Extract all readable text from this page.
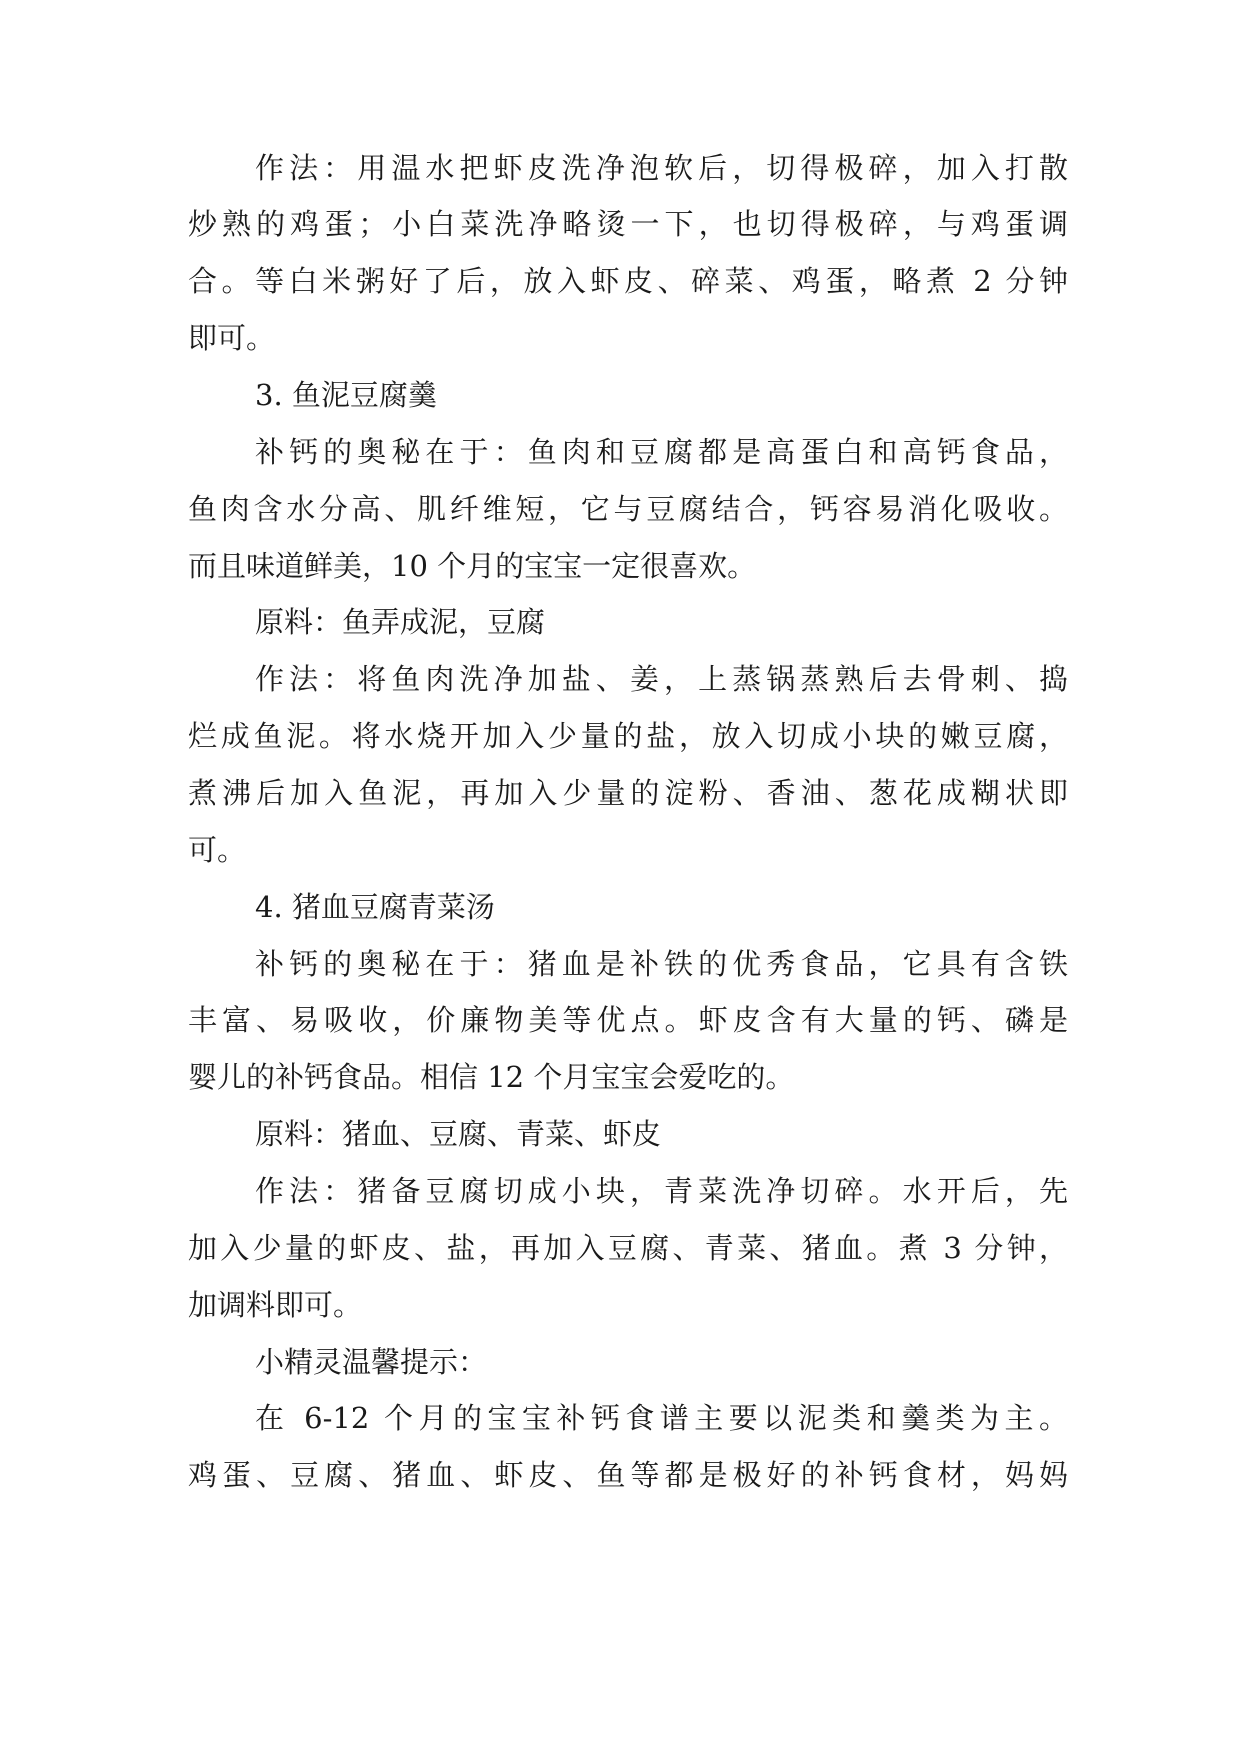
作法：用温水把虾皮洗净泡软后，切得极碎，加入打散
炒熟的鸡蛋；小白菜洗净略烫一下，也切得极碎，与鸡蛋调
合。等白米粥好了后，放入虾皮、碎菜、鸡蛋，略煮 2 分钟
即可。
3. 鱼泥豆腐羹
补钙的奥秘在于：鱼肉和豆腐都是高蛋白和高钙食品，
鱼肉含水分高、肌纤维短，它与豆腐结合，钙容易消化吸收。
而且味道鲜美，10 个月的宝宝一定很喜欢。
原料：鱼弄成泥，豆腐
作法：将鱼肉洗净加盐、姜，上蒸锅蒸熟后去骨刺、捣
烂成鱼泥。将水烧开加入少量的盐，放入切成小块的嫩豆腐，
煮沸后加入鱼泥，再加入少量的淀粉、香油、葱花成糊状即
可。
4. 猪血豆腐青菜汤
补钙的奥秘在于：猪血是补铁的优秀食品，它具有含铁
丰富、易吸收，价廉物美等优点。虾皮含有大量的钙、磷是
婴儿的补钙食品。相信 12 个月宝宝会爱吃的。
原料：猪血、豆腐、青菜、虾皮
作法：猪备豆腐切成小块，青菜洗净切碎。水开后，先
加入少量的虾皮、盐，再加入豆腐、青菜、猪血。煮 3 分钟，
加调料即可。
小精灵温馨提示：
在 6-12 个月的宝宝补钙食谱主要以泥类和羹类为主。
鸡蛋、豆腐、猪血、虾皮、鱼等都是极好的补钙食材，妈妈
